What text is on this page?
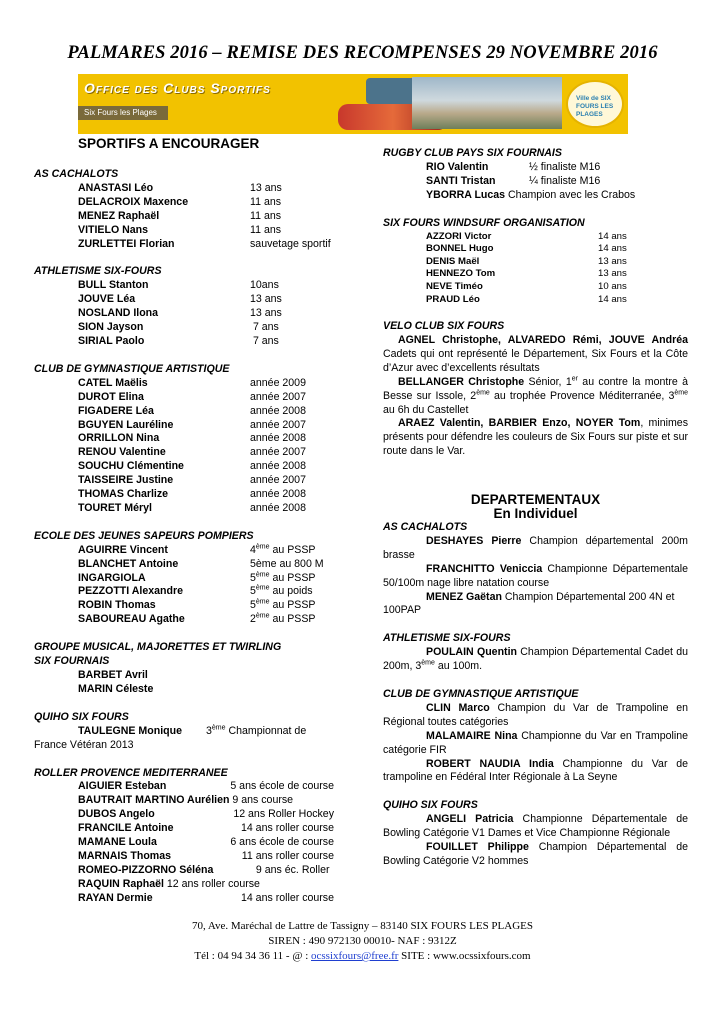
PALMARES 2016 – REMISE DES RECOMPENSES 29 NOVEMBRE 2016
Office des Clubs Sportifs
Six Fours les Plages
Ville de SIX FOURS LES PLAGES
SPORTIFS A ENCOURAGER
AS CACHALOTS
ANASTASI Léo	13 ans
DELACROIX Maxence	11 ans
MENEZ Raphaël	11 ans
VITIELO Nans	11 ans
ZURLETTEI Florian	sauvetage sportif
ATHLETISME SIX-FOURS
BULL Stanton	10ans
JOUVE Léa	13 ans
NOSLAND Ilona	13 ans
SION Jayson	7 ans
SIRIAL Paolo	7 ans
CLUB DE GYMNASTIQUE ARTISTIQUE
CATEL Maëlis	année 2009
DUROT Elina	année 2007
FIGADERE Léa	année 2008
BGUYEN Lauréline	année 2007
ORRILLON Nina	année 2008
RENOU Valentine	année 2007
SOUCHU Clémentine	année 2008
TAISSEIRE Justine	année 2007
THOMAS Charlize	année 2008
TOURET Méryl	année 2008
ECOLE DES JEUNES SAPEURS POMPIERS
AGUIRRE Vincent	4ème au PSSP
BLANCHET Antoine	5ème au 800 M
INGARGIOLA	5ème au PSSP
PEZZOTTI Alexandre	5ème au poids
ROBIN Thomas	5ème au PSSP
SABOUREAU Agathe	2ème au PSSP
GROUPE MUSICAL, MAJORETTES ET TWIRLING
SIX FOURNAIS
BARBET Avril
MARIN Céleste
QUIHO SIX FOURS
TAULEGNE Monique	3ème Championnat de
France Vétéran 2013
ROLLER PROVENCE MEDITERRANEE
AIGUIER Esteban	5 ans école de course
BAUTRAIT MARTINO Aurélien 9 ans course
DUBOS Angelo	12 ans Roller Hockey
FRANCILE Antoine	14 ans roller course
MAMANE Loula	6 ans école de course
MARNAIS Thomas	11 ans roller course
ROMEO-PIZZORNO Séléna	9 ans éc. Roller
RAQUIN Raphaël 12 ans roller course
RAYAN Dermie	14 ans roller course
RUGBY CLUB PAYS SIX FOURNAIS
RIO Valentin	½ finaliste M16
SANTI Tristan	¼ finaliste M16
YBORRA Lucas Champion avec les Crabos
SIX FOURS WINDSURF ORGANISATION
AZZORI Victor	14 ans
BONNEL Hugo	14 ans
DENIS Maël	13 ans
HENNEZO Tom	13 ans
NEVE Timéo	10 ans
PRAUD Léo	14 ans
VELO CLUB SIX FOURS
AGNEL Christophe, ALVAREDO Rémi, JOUVE Andréa Cadets qui ont représenté le Département, Six Fours et la Côte d’Azur avec d’excellents résultats
BELLANGER Christophe Sénior, 1er au contre la montre à Besse sur Issole, 2ème au trophée Provence Méditerranée, 3ème au 6h du Castellet
ARAEZ Valentin, BARBIER Enzo, NOYER Tom, minimes présents pour défendre les couleurs de Six Fours sur piste et sur route dans le Var.
DEPARTEMENTAUX
En Individuel
AS CACHALOTS
DESHAYES Pierre Champion départemental 200m brasse
FRANCHITTO Veniccia Championne Départementale 50/100m nage libre natation course
MENEZ Gaëtan Champion Départemental 200 4N et 100PAP
ATHLETISME SIX-FOURS
POULAIN Quentin Champion Départemental Cadet du 200m, 3ème au 100m.
CLUB DE GYMNASTIQUE ARTISTIQUE
CLIN Marco Champion du Var de Trampoline en Régional toutes catégories
MALAMAIRE Nina Championne du Var en Trampoline catégorie FIR
ROBERT NAUDIA India Championne du Var de trampoline en Fédéral Inter Régionale à La Seyne
QUIHO SIX FOURS
ANGELI Patricia Championne Départementale de Bowling Catégorie V1 Dames et Vice Championne Régionale
FOUILLET Philippe Champion Départemental de Bowling Catégorie V2 hommes
70, Ave. Maréchal de Lattre de Tassigny – 83140 SIX FOURS LES PLAGES
SIREN : 490 972130 00010- NAF : 9312Z
Tél : 04 94 34 36 11 - @ : ocssixfours@free.fr SITE : www.ocssixfours.com
